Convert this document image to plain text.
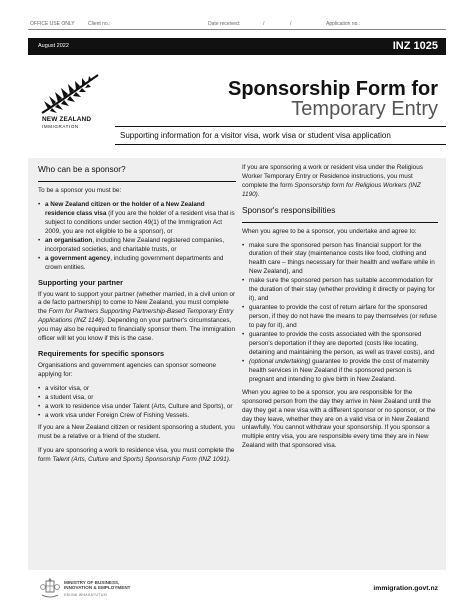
OFFICE USE ONLY	Client no.:	Date received:	/	/	Application no.:
August 2022	INZ 1025
NEW ZEALAND
IMMIGRATION
Sponsorship Form for
Temporary Entry
Supporting information for a visitor visa, work visa or student visa application
Who can be a sponsor?
To be a sponsor you must be:
• a New Zealand citizen or the holder of a New Zealand residence class visa (if you are the holder of a resident visa that is subject to conditions under section 49(1) of the Immigration Act 2009, you are not eligible to be a sponsor), or
• an organisation, including New Zealand registered companies, incorporated societies, and charitable trusts, or
• a government agency, including government departments and crown entities.
Supporting your partner
If you want to support your partner (whether married, in a civil union or a de facto partnership) to come to New Zealand, you must complete the Form for Partners Supporting Partnership-Based Temporary Entry Applications (INZ 1146). Depending on your partner's circumstances, you may also be required to financially sponsor them. The immigration officer will let you know if this is the case.
Requirements for specific sponsors
Organisations and government agencies can sponsor someone applying for:
• a visitor visa, or
• a student visa, or
• a work to residence visa under Talent (Arts, Culture and Sports), or
• a work visa under Foreign Crew of Fishing Vessels.
If you are a New Zealand citizen or resident sponsoring a student, you must be a relative or a friend of the student.
If you are sponsoring a work to residence visa, you must complete the form Talent (Arts, Culture and Sports) Sponsorship Form (INZ 1091).
If you are sponsoring a work or resident visa under the Religious Worker Temporary Entry or Residence instructions, you must complete the form Sponsorship form for Religious Workers (INZ 1190).
Sponsor's responsibilities
When you agree to be a sponsor, you undertake and agree to:
• make sure the sponsored person has financial support for the duration of their stay (maintenance costs like food, clothing and health care – things necessary for their health and welfare while in New Zealand), and
• make sure the sponsored person has suitable accommodation for the duration of their stay (whether providing it directly or paying for it), and
• guarantee to provide the cost of return airfare for the sponsored person, if they do not have the means to pay themselves (or refuse to pay for it), and
• guarantee to provide the costs associated with the sponsored person's deportation if they are deported (costs like locating, detaining and maintaining the person, as well as travel costs), and
• (optional undertaking) guarantee to provide the cost of maternity health services in New Zealand if the sponsored person is pregnant and intending to give birth in New Zealand.
When you agree to be a sponsor, you are responsible for the sponsored person from the day they arrive in New Zealand until the day they get a new visa with a different sponsor or no sponsor, or the day they leave, whether they are on a valid visa or in New Zealand unlawfully. You cannot withdraw your sponsorship. If you sponsor a multiple entry visa, you are responsible every time they are in New Zealand with that sponsored visa.
MINISTRY OF BUSINESS,
INNOVATION & EMPLOYMENT
HĪKINA WHAKATUTUKI
immigration.govt.nz
